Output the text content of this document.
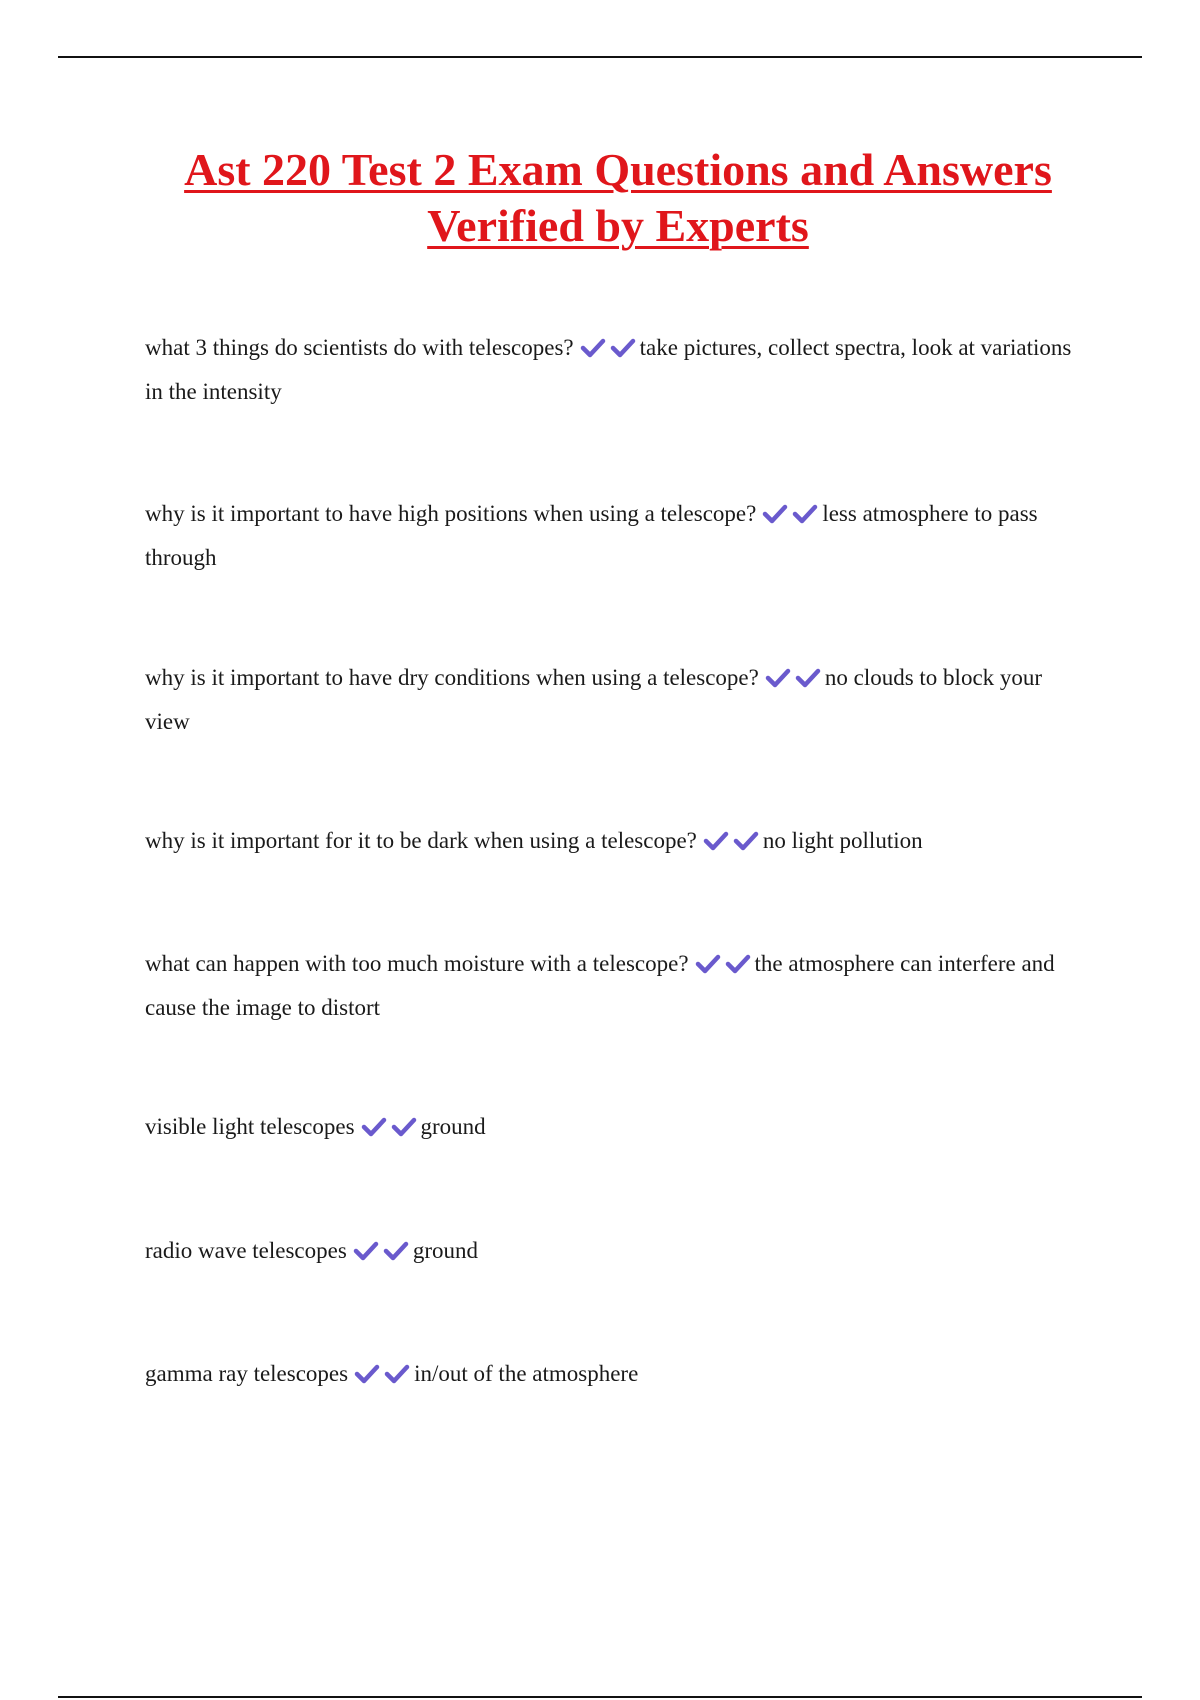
Ast 220 Test 2 Exam Questions and Answers
Verified by Experts

what 3 things do scientists do with telescopes?	take pictures, collect spectra, look at variations in the intensity

why is it important to have high positions when using a telescope?	less atmosphere to pass through

why is it important to have dry conditions when using a telescope?	no clouds to block your view

why is it important for it to be dark when using a telescope?	no light pollution

what can happen with too much moisture with a telescope?	the atmosphere can interfere and cause the image to distort

visible light telescopes	ground

radio wave telescopes	ground

gamma ray telescopes	in/out of the atmosphere
